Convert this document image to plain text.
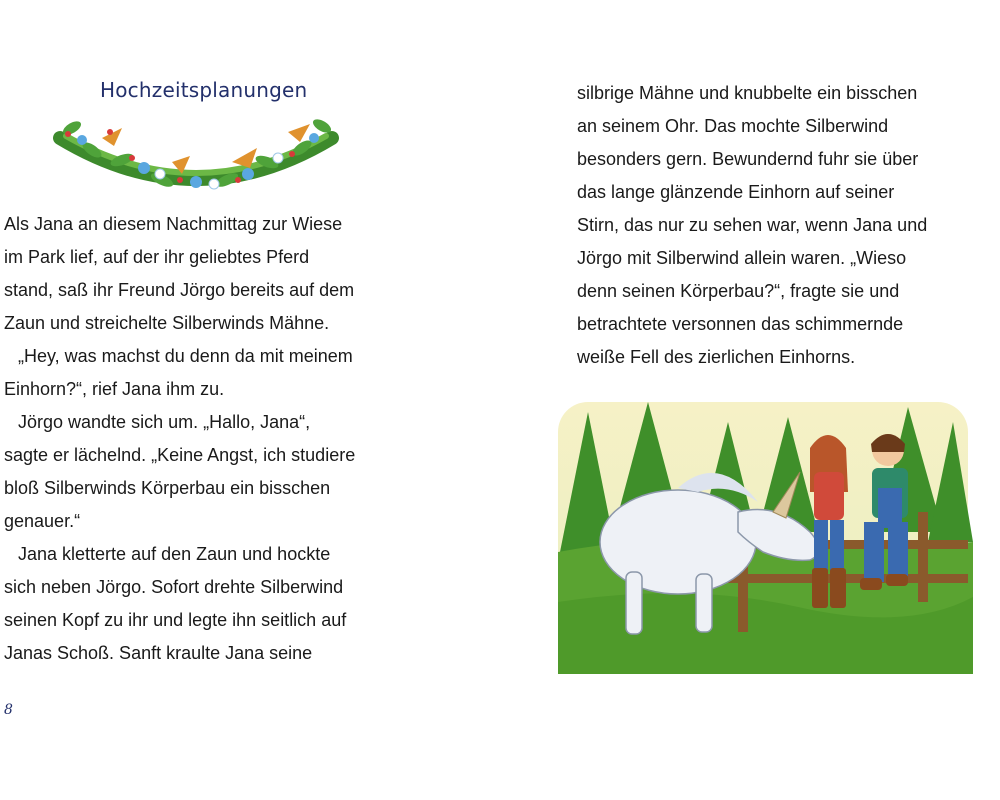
Hochzeitsplanungen
Als Jana an diesem Nachmittag zur Wiese
im Park lief, auf der ihr geliebtes Pferd
stand, saß ihr Freund Jörgo bereits auf dem
Zaun und streichelte Silberwinds Mähne.
„Hey, was machst du denn da mit meinem
Einhorn?“, rief Jana ihm zu.
Jörgo wandte sich um. „Hallo, Jana“,
sagte er lächelnd. „Keine Angst, ich studiere
bloß Silberwinds Körperbau ein bisschen
genauer.“
Jana kletterte auf den Zaun und hockte
sich neben Jörgo. Sofort drehte Silberwind
seinen Kopf zu ihr und legte ihn seitlich auf
Janas Schoß. Sanft kraulte Jana seine
silbrige Mähne und knubbelte ein bisschen
an seinem Ohr. Das mochte Silberwind
besonders gern. Bewundernd fuhr sie über
das lange glänzende Einhorn auf seiner
Stirn, das nur zu sehen war, wenn Jana und
Jörgo mit Silberwind allein waren. „Wieso
denn seinen Körperbau?“, fragte sie und
betrachtete versonnen das schimmernde
weiße Fell des zierlichen Einhorns.
8
